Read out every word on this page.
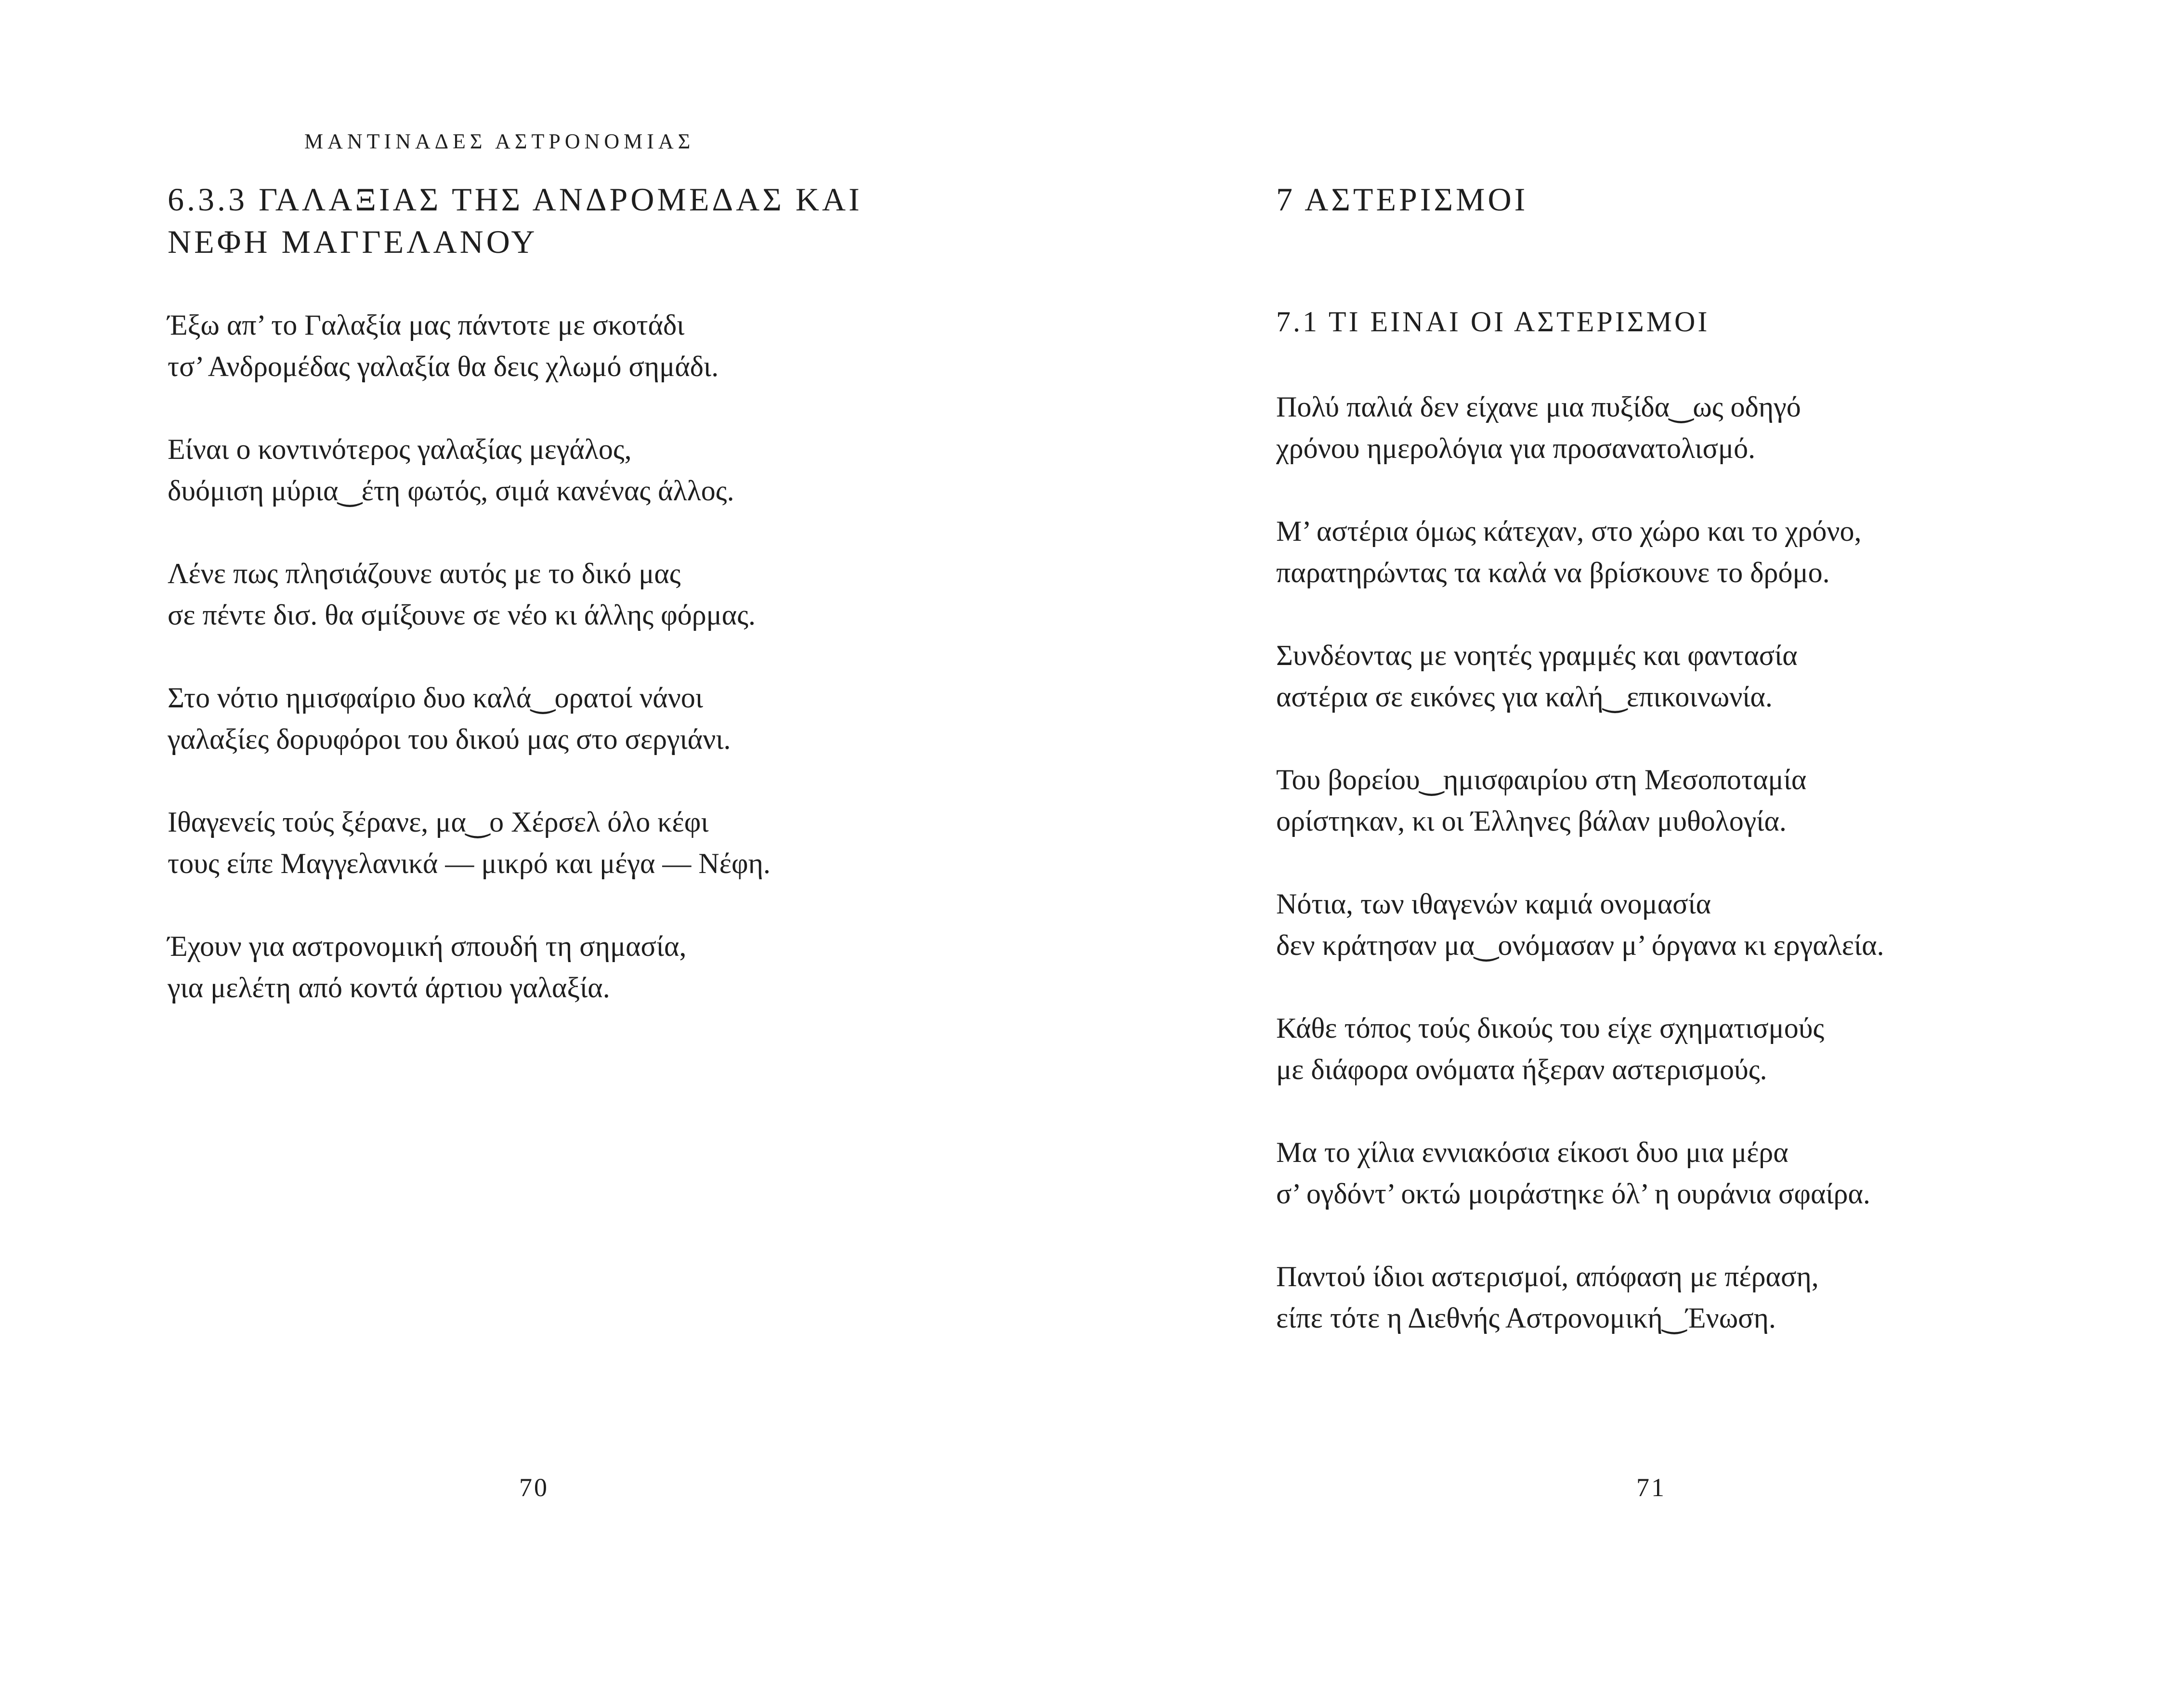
ΜΑΝΤΙΝΑΔΕΣ ΑΣΤΡΟΝΟΜΙΑΣ
6.3.3 ΓΑΛΑΞΙΑΣ ΤΗΣ ΑΝΔΡΟΜΕΔΑΣ ΚΑΙ
ΝΕΦΗ ΜΑΓΓΕΛΑΝΟΥ

Έξω απ’ το Γαλαξία μας πάντοτε με σκοτάδι
τσ’ Ανδρομέδας γαλαξία θα δεις χλωμό σημάδι.

Είναι ο κοντινότερος γαλαξίας μεγάλος,
δυόμιση μύρια‿έτη φωτός, σιμά κανένας άλλος.

Λένε πως πλησιάζουνε αυτός με το δικό μας
σε πέντε δισ. θα σμίξουνε σε νέο κι άλλης φόρμας.

Στο νότιο ημισφαίριο δυο καλά‿ορατοί νάνοι
γαλαξίες δορυφόροι του δικού μας στο σεργιάνι.

Ιθαγενείς τούς ξέρανε, μα‿ο Χέρσελ όλο κέφι
τους είπε Μαγγελανικά — μικρό και μέγα — Νέφη.

Έχουν για αστρονομική σπουδή τη σημασία,
για μελέτη από κοντά άρτιου γαλαξία.

70
7 ΑΣΤΕΡΙΣΜΟΙ
7.1 ΤΙ ΕΙΝΑΙ ΟΙ ΑΣΤΕΡΙΣΜΟΙ

Πολύ παλιά δεν είχανε μια πυξίδα‿ως οδηγό
χρόνου ημερολόγια για προσανατολισμό.

Μ’ αστέρια όμως κάτεχαν, στο χώρο και το χρόνο,
παρατηρώντας τα καλά να βρίσκουνε το δρόμο.

Συνδέοντας με νοητές γραμμές και φαντασία
αστέρια σε εικόνες για καλή‿επικοινωνία.

Του βορείου‿ημισφαιρίου στη Μεσοποταμία
ορίστηκαν, κι οι Έλληνες βάλαν μυθολογία.

Νότια, των ιθαγενών καμιά ονομασία
δεν κράτησαν μα‿ονόμασαν μ’ όργανα κι εργαλεία.

Κάθε τόπος τούς δικούς του είχε σχηματισμούς
με διάφορα ονόματα ήξεραν αστερισμούς.

Μα το χίλια εννιακόσια είκοσι δυο μια μέρα
σ’ ογδόντ’ οκτώ μοιράστηκε όλ’ η ουράνια σφαίρα.

Παντού ίδιοι αστερισμοί, απόφαση με πέραση,
είπε τότε η Διεθνής Αστρονομική‿Ένωση.

71
